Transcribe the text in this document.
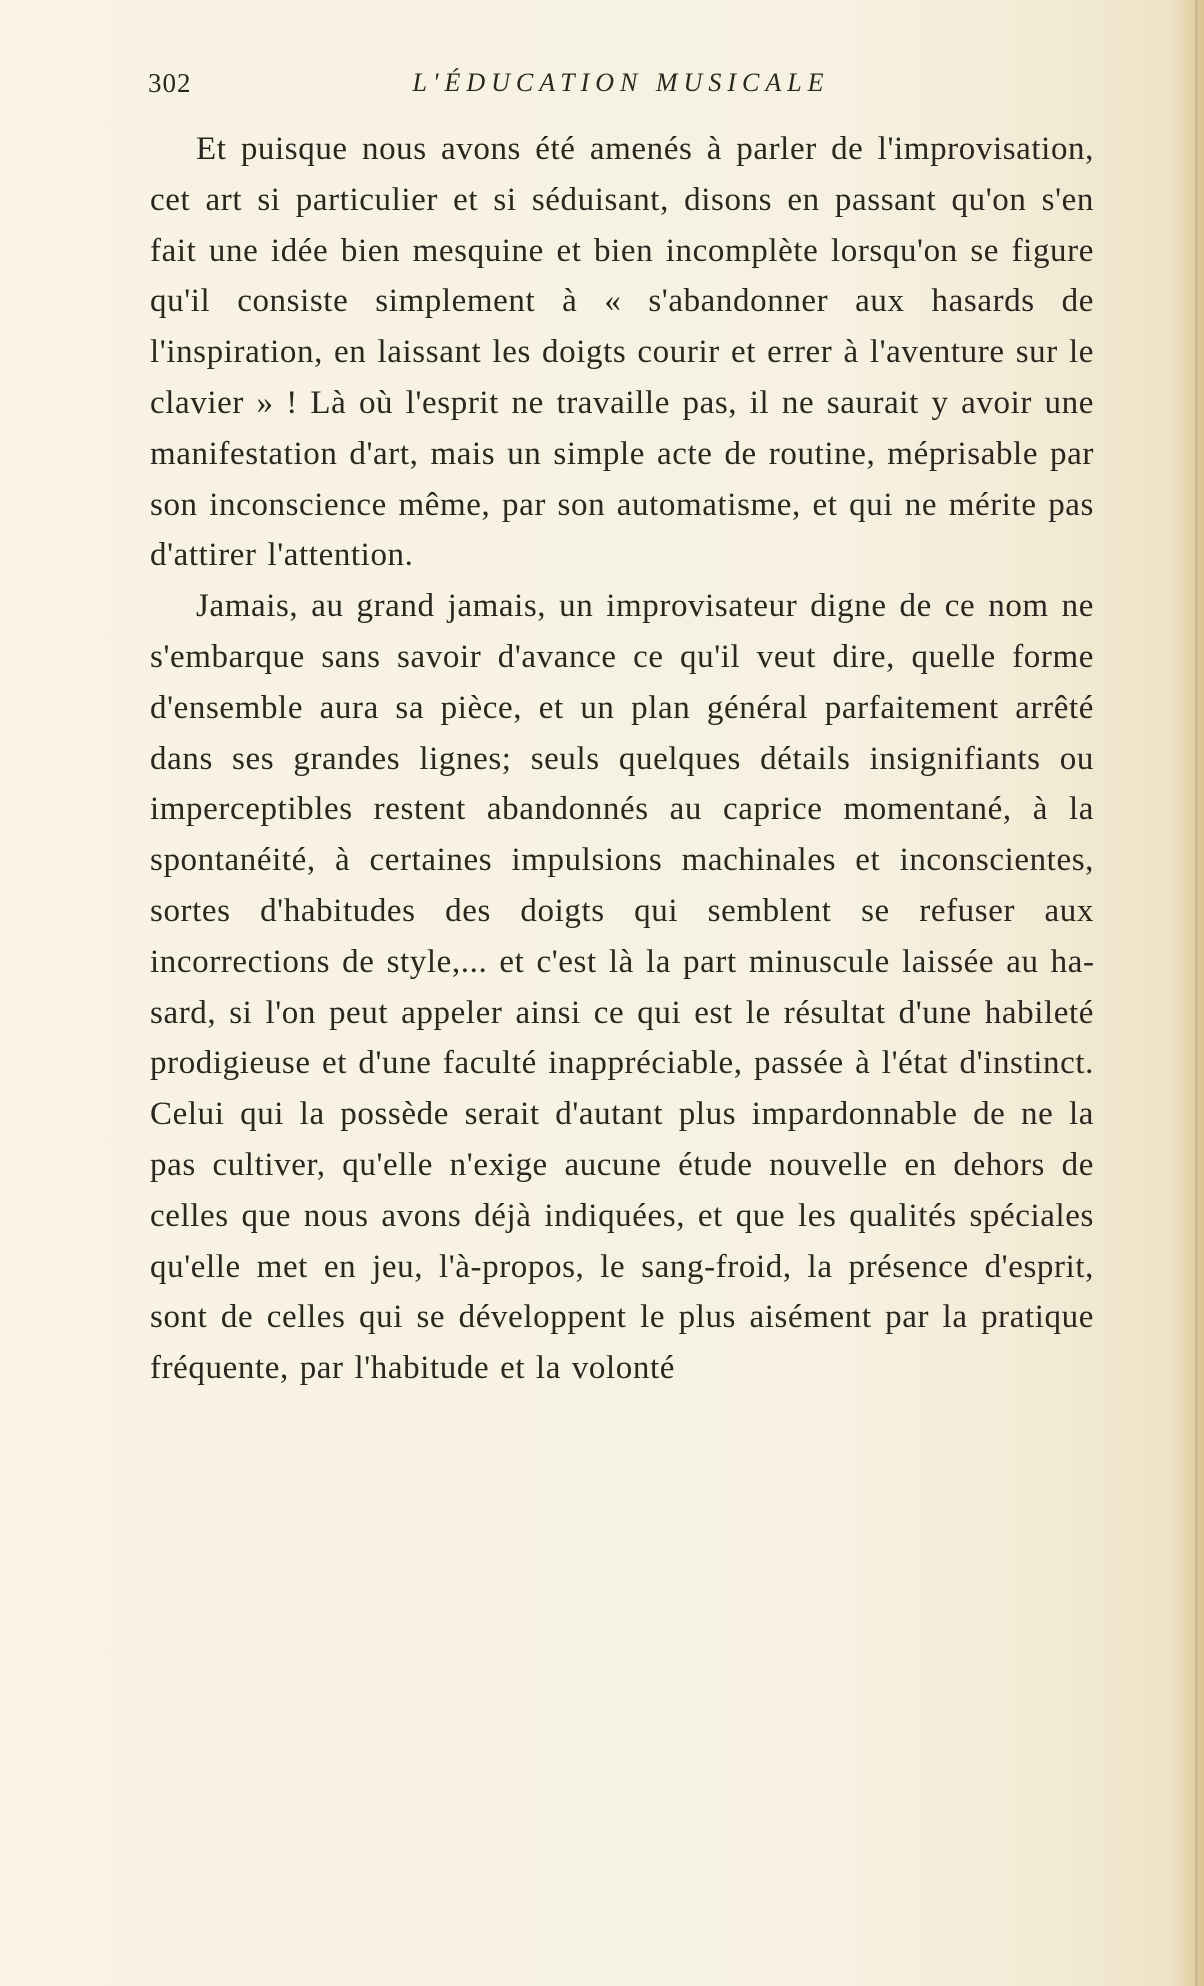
302	L'ÉDUCATION MUSICALE

Et puisque nous avons été amenés à parler de l'improvisation, cet art si particulier et si séduisant, disons en passant qu'on s'en fait une idée bien mesquine et bien incomplète lorsqu'on se figure qu'il consiste simplement à « s'abandonner aux hasards de l'inspiration, en laissant les doigts courir et errer à l'aventure sur le clavier » ! Là où l'esprit ne travaille pas, il ne saurait y avoir une manifestation d'art, mais un simple acte de routine, méprisable par son inconscience même, par son automatisme, et qui ne mérite pas d'attirer l'attention.

Jamais, au grand jamais, un improvisateur digne de ce nom ne s'embarque sans savoir d'avance ce qu'il veut dire, quelle forme d'ensemble aura sa pièce, et un plan général parfaitement arrêté dans ses grandes lignes; seuls quelques détails insignifiants ou imperceptibles restent abandonnés au caprice momentané, à la spontanéité, à certaines impulsions machinales et inconscientes, sortes d'habitudes des doigts qui semblent se refuser aux incorrections de style,... et c'est là la part minuscule laissée au hasard, si l'on peut appeler ainsi ce qui est le résultat d'une habileté prodigieuse et d'une faculté inappréciable, passée à l'état d'instinct. Celui qui la possède serait d'autant plus impardonnable de ne la pas cultiver, qu'elle n'exige aucune étude nouvelle en dehors de celles que nous avons déjà indiquées, et que les qualités spéciales qu'elle met en jeu, l'à-propos, le sang-froid, la présence d'esprit, sont de celles qui se développent le plus aisément par la pratique fréquente, par l'habitude et la volonté
